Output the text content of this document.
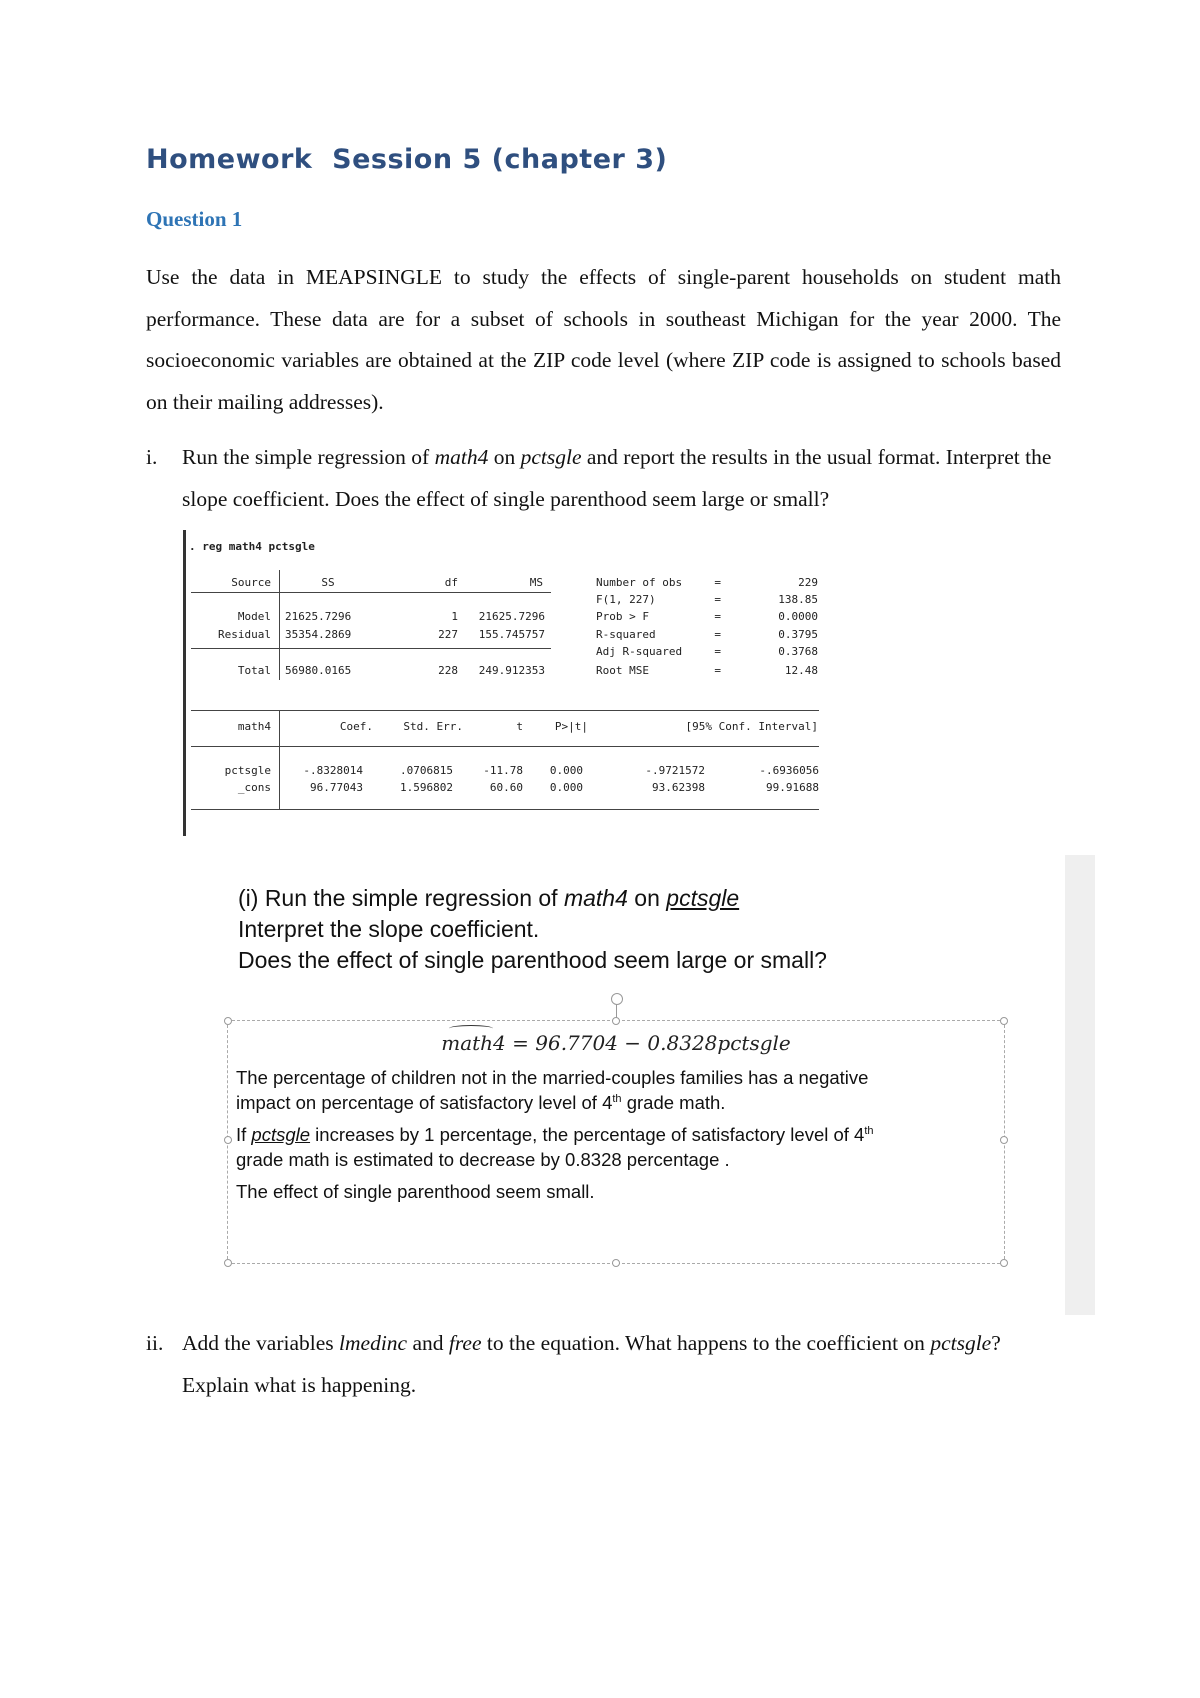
Homework  Session 5 (chapter 3)
Question 1

Use the data in MEAPSINGLE to study the effects of single-parent households on student math performance. These data are for a subset of schools in southeast Michigan for the year 2000. The socioeconomic variables are obtained at the ZIP code level (where ZIP code is assigned to schools based on their mailing addresses).

i. Run the simple regression of math4 on pctsgle and report the results in the usual format. Interpret the slope coefficient. Does the effect of single parenthood seem large or small?
. reg math4 pctsgle
Source	SS	df	MS
Model 21625.7296	1	21625.7296
Residual 35354.2869	227	155.745757
Total 56980.0165	228	249.912353
Number of obs	=	229
F(1, 227)	=	138.85
Prob > F	=	0.0000
R-squared	=	0.3795
Adj R-squared	=	0.3768
Root MSE	=	12.48
math4	Coef.	Std. Err.	t	P>|t|	[95% Conf. Interval]
pctsgle	-.8328014	.0706815	-11.78	0.000	-.9721572	-.6936056
_cons	96.77043	1.596802	60.60	0.000	93.62398	99.91688

(i) Run the simple regression of math4 on pctsgle

Interpret the slope coefficient.

Does the effect of single parenthood seem large or small?

math4 = 96.7704 − 0.8328pctsgle

The percentage of children not in the married-couples families has a negative

impact on percentage of satisfactory level of 4th grade math.

If pctsgle increases by 1 percentage, the percentage of satisfactory level of 4th

grade math is estimated to decrease by 0.8328 percentage .

The effect of single parenthood seem small.

ii. Add the variables lmedinc and free to the equation. What happens to the coefficient on pctsgle? Explain what is happening.
